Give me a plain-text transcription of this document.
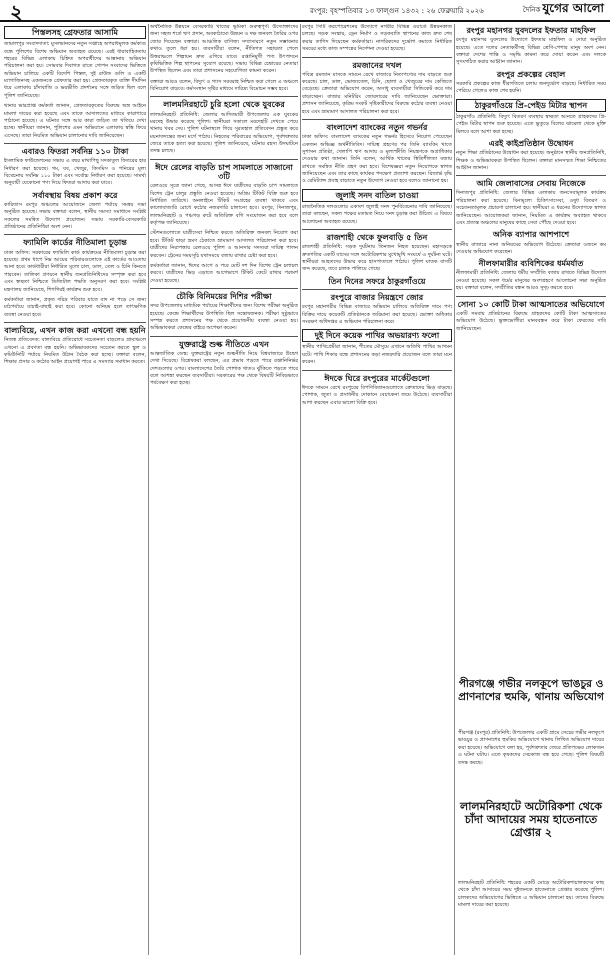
২	রংপুর: বৃহস্পতিবার ১৩ ফাল্গুন ১৪৩২ : ২৬ ফেব্রুয়ারি ২০২৬	দৈনিক যুগের আলো
পিস্তলসহ গ্রেফতার আসামি

জামালপুর সংবাদদাতা: মুসলমানদের নতুন সপ্তাহে অপরাধমূলক কর্মকাণ্ড বন্ধে পুলিশের বিশেষ অভিযান অব্যাহত রয়েছে। এরই ধারাবাহিকতায় শহরের বিভিন্ন এলাকায় চিহ্নিত অপরাধীদের আস্তানায় অভিযান পরিচালনা করা হয়। সোমবার দিবাগত রাতে গোপন সংবাদের ভিত্তিতে অভিযান চালিয়ে একটি বিদেশি পিস্তল, দুই রাউন্ড গুলি ও একটি ম্যাগাজিনসহ একজনকে গ্রেফতার করা হয়। গ্রেফতারকৃত ব্যক্তি দীর্ঘদিন ধরে এলাকায় চাঁদাবাজি ও ভয়ভীতি প্রদর্শনের সঙ্গে জড়িত ছিল বলে পুলিশ জানিয়েছে।

থানার ভারপ্রাপ্ত কর্মকর্তা জানান, গ্রেফতারকৃতের বিরুদ্ধে অস্ত্র আইনে মামলা দায়ের করা হয়েছে এবং তাকে আদালতের মাধ্যমে কারাগারে পাঠানো হয়েছে। এ ঘটনার সঙ্গে আর কারা জড়িত তা খতিয়ে দেখা হচ্ছে। স্থানীয়রা জানান, পুলিশের এমন অভিযানে এলাকায় স্বস্তি ফিরে এসেছে। তারা নিয়মিত অভিযান চালানোর দাবি জানিয়েছেন।

এবারও ফিতরা সর্বনিম্ন ১১০ টাকা

ইসলামিক ফাউন্ডেশনের সভায় এ বছর মাথাপিছু সদকাতুল ফিতরের হার নির্ধারণ করা হয়েছে। গম, যব, খেজুর, কিসমিস ও পনিরের মূল্য বিবেচনায় সর্বনিম্ন ১১০ টাকা এবং সর্বোচ্চ নির্ধারণ করা হয়েছে। সামর্থ্য অনুযায়ী যেকোনো পণ্য দিয়ে ফিতরা আদায় করা যাবে।

সর্বাবস্থায় বিষয় প্রকাশ করে

কারিতাস রংপুর অঞ্চলের আয়োজনে জেলা পর্যায়ে সমন্বয় সভা অনুষ্ঠিত হয়েছে। সভায় বক্তারা বলেন, স্থানীয় সমস্যা সমাধানে সংশ্লিষ্ট সকলের সমন্বিত উদ্যোগ প্রয়োজন। সভায় সরকারি-বেসরকারি প্রতিষ্ঠানের প্রতিনিধিরা অংশ নেন।

ফ্যামিলি কার্ডের নীতিমালা চূড়ান্ত

ঢাকা অফিস: সরকারের ফ্যামিলি কার্ড কার্যক্রমের নীতিমালা চূড়ান্ত করা হয়েছে। প্রথম ধাপে নিম্ন আয়ের পরিবারগুলোকে এই কার্ডের আওতায় আনা হবে। কার্ডধারীরা নির্ধারিত মূল্যে চাল, ডাল, তেল ও চিনি কিনতে পারবেন। তালিকা প্রণয়নে স্থানীয় জনপ্রতিনিধিদের সম্পৃক্ত করা হবে এবং স্বচ্ছতা নিশ্চিতে ডিজিটাল পদ্ধতি অনুসরণ করা হবে। সংশ্লিষ্ট মন্ত্রণালয় জানিয়েছে, শিগগিরই কার্যক্রম শুরু হবে।

কর্মকর্তারা জানান, প্রকৃত দরিদ্র পরিবার যাতে বাদ না পড়ে সে জন্য মাঠপর্যায়ে যাচাই-বাছাই করা হবে। কোনো অনিয়ম হলে তাৎক্ষণিক ব্যবস্থা নেওয়া হবে।

বাল্যবিয়ে, এখন কাজ করা এখনো বন্ধ হয়নি

নিজস্ব প্রতিবেদক: বাল্যবিয়ে প্রতিরোধে সচেতনতা বাড়লেও গ্রামাঞ্চলে এখনো এ প্রবণতা বন্ধ হয়নি। অভিভাবকদের সচেতন করতে স্কুল ও কমিউনিটি পর্যায়ে নিয়মিত উঠান বৈঠক করা হচ্ছে। বক্তারা বলেন, শিক্ষার প্রসার ও কঠোর আইন প্রয়োগই পারে এ সমস্যার সমাধান করতে।

অর্থনৈতিক উন্নয়নে বেসরকারি খাতের ভূমিকা গুরুত্বপূর্ণ। উদ্যোক্তাদের জন্য সহজ শর্তে ঋণ প্রদান, অবকাঠামো উন্নয়ন ও দক্ষ জনবল তৈরির ওপর জোর দিয়েছেন বক্তারা। আঞ্চলিক বাণিজ্য সম্প্রসারণে নতুন সম্ভাবনার কথাও তুলে ধরা হয়। ব্যবসায়ীরা বলেন, নীতিগত সহায়তা পেলে উত্তরাঞ্চলে শিল্পায়ন দ্রুত এগিয়ে যাবে। রপ্তানিমুখী পণ্য উৎপাদনে কৃষিভিত্তিক শিল্প স্থাপনের সুযোগ রয়েছে। সভায় বিভিন্ন চেম্বারের নেতারা উপস্থিত ছিলেন এবং তারা প্রশাসনের সহযোগিতা কামনা করেন।

বক্তারা আরও বলেন, বিদ্যুৎ ও গ্যাস সরবরাহ নিশ্চিত করা গেলে এ অঞ্চলে বিনিয়োগ বাড়বে। কর্মসংস্থান সৃষ্টির মাধ্যমে দারিদ্র্য বিমোচন সম্ভব হবে।

লালমনিরহাটে চুরি হলো থেকে যুবকের

লালমনিরহাট প্রতিনিধি: জেলার আদিতমারী উপজেলায় এক যুবকের মরদেহ উদ্ধার করেছে পুলিশ। স্থানীয়রা সকালে মরদেহটি দেখতে পেয়ে থানায় খবর দেয়। পুলিশ ঘটনাস্থলে গিয়ে সুরতহাল প্রতিবেদন প্রস্তুত করে ময়নাতদন্তের জন্য মর্গে পাঠায়। নিহতের পরিবারের অভিযোগ, পূর্বশত্রুতার জেরে তাকে হত্যা করা হয়েছে। পুলিশ জানিয়েছে, ঘটনার রহস্য উদঘাটনে তদন্ত চলছে।

ঈদে রেলের বাড়তি চাপ সামলাতে সাজানো ৩টি

রেলওয়ে সূত্রে জানা গেছে, আসন্ন ঈদে যাত্রীদের বাড়তি চাপ সামলাতে বিশেষ ট্রেন চালুর প্রস্তুতি নেওয়া হয়েছে। অগ্রিম টিকিট বিক্রি শুরু হবে নির্ধারিত তারিখে। অনলাইনে টিকিট সংগ্রহের ব্যবস্থা থাকবে এবং কালোবাজারি রোধে কঠোর নজরদারি চালানো হবে। রংপুর, দিনাজপুর, লালমনিরহাট ও পঞ্চগড় রুটে অতিরিক্ত বগি সংযোজন করা হবে বলে কর্তৃপক্ষ জানিয়েছে।

স্টেশনগুলোতে যাত্রীসেবা নিশ্চিত করতে অতিরিক্ত জনবল নিয়োগ করা হবে। টিকিট ছাড়া ভ্রমণ ঠেকাতে ভ্রাম্যমাণ আদালত পরিচালনা করা হবে। যাত্রীদের নিরাপত্তায় রেলওয়ে পুলিশ ও আনসার সদস্যরা দায়িত্ব পালন করবেন। ট্রেনের সময়সূচি যথাসময়ে বজায় রাখার চেষ্টা করা হবে।

কর্মকর্তারা জানান, ঈদের আগে ও পরে মোট দশ দিন বিশেষ ট্রেন চলাচল করবে। যাত্রীদের ভিড় এড়াতে আগেভাগে টিকিট কেটে রাখার পরামর্শ দেওয়া হয়েছে।

চৌকি বিনিময়ের দিশির পরীক্ষা

সদর উপজেলায় মাধ্যমিক পর্যায়ের শিক্ষার্থীদের জন্য বিশেষ পরীক্ষা অনুষ্ঠিত হয়েছে। কেন্দ্রে শিক্ষার্থীদের উপস্থিতি ছিল সন্তোষজনক। পরীক্ষা সুষ্ঠুভাবে সম্পন্ন করতে প্রশাসনের পক্ষ থেকে প্রয়োজনীয় ব্যবস্থা নেওয়া হয়। অভিভাবকরা কেন্দ্রের বাইরে অপেক্ষা করেন।

যুক্তরাষ্ট্রে শুল্ক নীতিতে এখন

আন্তর্জাতিক ডেস্ক: যুক্তরাষ্ট্রের নতুন শুল্কনীতি নিয়ে বিশ্ববাজারে উদ্বেগ দেখা দিয়েছে। বিশ্লেষকরা বলছেন, এর প্রভাব পড়তে পারে রপ্তানিনির্ভর দেশগুলোর ওপর। বাংলাদেশের তৈরি পোশাক খাতও ঝুঁকিতে পড়তে পারে বলে আশঙ্কা করছেন ব্যবসায়ীরা। সরকারের পক্ষ থেকে বিষয়টি নিবিড়ভাবে পর্যবেক্ষণ করা হচ্ছে।

রংপুর সিটি করপোরেশনের উদ্যোগে নগরীর বিভিন্ন ওয়ার্ডে উন্নয়নকাজ চলছে। সড়ক সংস্কার, ড্রেন নির্মাণ ও সড়কবাতি স্থাপনের কাজ দ্রুত শেষ করার তাগিদ দিয়েছেন কর্মকর্তারা। নাগরিকদের দুর্ভোগ কমাতে নির্ধারিত সময়ের মধ্যে কাজ সম্পন্নের নির্দেশনা দেওয়া হয়েছে।

রমজানের দখল

পবিত্র রমজান মাসকে সামনে রেখে বাজারে নিত্যপণ্যের দাম বাড়তে শুরু করেছে। চাল, ডাল, ভোজ্যতেল, চিনি, ছোলা ও খেজুরের দাম কেজিতে বেড়েছে। ক্রেতারা অভিযোগ করেন, অসাধু ব্যবসায়ীরা সিন্ডিকেট করে দাম বাড়াচ্ছেন। বাজার মনিটরিং জোরদারের দাবি জানিয়েছেন ভোক্তারা। প্রশাসন জানিয়েছে, কৃত্রিম সংকট সৃষ্টিকারীদের বিরুদ্ধে কঠোর ব্যবস্থা নেওয়া হবে এবং ভ্রাম্যমাণ আদালত পরিচালনা করা হবে।

বাংলাদেশ ব্যাংকের নতুন গভর্নর

ঢাকা অফিস: বাংলাদেশ ব্যাংকের নতুন গভর্নর হিসেবে নিয়োগ পেয়েছেন একজন অভিজ্ঞ অর্থনীতিবিদ। দায়িত্ব গ্রহণের পর তিনি ব্যাংকিং খাতে সুশাসন প্রতিষ্ঠা, খেলাপি ঋণ আদায় ও মূল্যস্ফীতি নিয়ন্ত্রণকে অগ্রাধিকার দেওয়ার কথা জানান। তিনি বলেন, আর্থিক খাতের স্থিতিশীলতা বজায় রাখতে সমন্বিত নীতি গ্রহণ করা হবে। বিশেষজ্ঞরা নতুন নিয়োগকে স্বাগত জানিয়েছেন এবং তার কাছে কার্যকর পদক্ষেপ প্রত্যাশা করছেন। রিজার্ভ বৃদ্ধি ও রেমিট্যান্স প্রবাহ বাড়াতে নতুন উদ্যোগ নেওয়া হবে বলেও জানানো হয়।

জুলাই সনদ বাতিল চাওয়া

রাজনৈতিক দলগুলোর একাংশ জুলাই সনদ পুনর্বিবেচনার দাবি জানিয়েছে। তারা বলছেন, সকল পক্ষের মতামত নিয়ে সনদ চূড়ান্ত করা উচিত। এ বিষয়ে আলোচনা অব্যাহত রয়েছে।

রাজশাহী থেকে ফুলবাড়ি ৫ তিন

রাজশাহী প্রতিনিধি: সড়ক দুর্ঘটনায় তিনজন নিহত হয়েছেন। মহাসড়কে দ্রুতগতির একটি বাসের সঙ্গে অটোরিকশার মুখোমুখি সংঘর্ষে এ দুর্ঘটনা ঘটে। স্থানীয়রা আহতদের উদ্ধার করে হাসপাতালে পাঠায়। পুলিশ ঘাতক বাসটি জব্দ করেছে, তবে চালক পালিয়ে গেছে।

তিন দিনের সফরে ঠাকুরগাঁওয়ে
রংপুরে বাজার নিয়ন্ত্রণে জোর

রংপুর মহানগরীর বিভিন্ন বাজারে অভিযান চালিয়ে অতিরিক্ত দামে পণ্য বিক্রির দায়ে কয়েকটি প্রতিষ্ঠানকে জরিমানা করা হয়েছে। ভোক্তা অধিকার সংরক্ষণ অধিদপ্তর এ অভিযান পরিচালনা করে।

দুই দিনে কয়েক পাখির অভয়ারণ্য ফলো

স্থানীয় পাখিপ্রেমীরা জানান, শীতের মৌসুমে এখানে অতিথি পাখির আগমন ঘটে। পাখি শিকার বন্ধে প্রশাসনের কড়া নজরদারি প্রয়োজন বলে তারা মনে করেন।

ঈদকে ঘিরে রংপুরের মার্কেটগুলো

ঈদকে সামনে রেখে রংপুরের বিপণিবিতানগুলোতে ক্রেতাদের ভিড় বাড়ছে। পোশাক, জুতা ও প্রসাধনীর দোকানে বেচাকেনা জমে উঠেছে। ব্যবসায়ীরা আশা করছেন এবার ভালো বিক্রি হবে।

রংপুর মহানগর যুবদলের ইফতার মাহফিল

রংপুর মহানগর যুবদলের উদ্যোগে ইফতার মাহফিল ও দোয়া অনুষ্ঠিত হয়েছে। এতে দলের নেতাকর্মীসহ বিভিন্ন শ্রেণি-পেশার মানুষ অংশ নেন। বক্তারা দেশের শান্তি ও সমৃদ্ধি কামনা করে দোয়া করেন এবং দলকে সুসংগঠিত করার আহ্বান জানান।

রংপুর প্রকল্পের বেহাল

সরকারি প্রকল্পের কাজ ধীরগতিতে চলায় জনদুর্ভোগ বাড়ছে। নির্ধারিত সময় পেরিয়ে গেলেও কাজ শেষ হয়নি।

ঠাকুরগাঁওয়ে প্রি-পেইড মিটার স্থাপন

ঠাকুরগাঁও প্রতিনিধি: বিদ্যুৎ বিতরণ ব্যবস্থায় স্বচ্ছতা আনতে গ্রাহকদের প্রি-পেইড মিটার স্থাপন শুরু হয়েছে। এতে ভুতুড়ে বিলের ঝামেলা থেকে মুক্তি মিলবে বলে আশা করা হচ্ছে।

এরই কাইপ্রতিষ্ঠান উদ্বোধন

নতুন শিক্ষা প্রতিষ্ঠানের উদ্বোধন করা হয়েছে। অনুষ্ঠানে স্থানীয় জনপ্রতিনিধি, শিক্ষক ও অভিভাবকরা উপস্থিত ছিলেন। বক্তারা মানসম্মত শিক্ষা নিশ্চিতের আহ্বান জানান।

আমি জেলাবাসের সেবায় নিজেকে

দিনাজপুর প্রতিনিধি: জেলার বিভিন্ন এলাকায় জনসেবামূলক কার্যক্রম পরিচালনা করা হয়েছে। বিনামূল্যে চিকিৎসাসেবা, ওষুধ বিতরণ ও সচেতনতামূলক প্রচারণা চালানো হয়। স্থানীয়রা এ ধরনের উদ্যোগকে স্বাগত জানিয়েছেন। আয়োজকরা জানান, নিয়মিত এ কার্যক্রম অব্যাহত থাকবে এবং প্রত্যন্ত অঞ্চলের মানুষের কাছে সেবা পৌঁছে দেওয়া হবে।

অনিক ব্যাপার আশপাশে

স্থানীয় বাজারে নানা অনিয়মের অভিযোগ উঠেছে। ক্রেতারা ওজনে কম দেওয়ার অভিযোগ করেছেন।

নীলফামারীর ব্যবিশিকের ধর্মমর্যাত

নীলফামারী প্রতিনিধি: জেলায় ধর্মীয় সম্প্রীতি বজায় রাখতে বিভিন্ন উদ্যোগ নেওয়া হয়েছে। সকল ধর্মের মানুষের অংশগ্রহণে আলোচনা সভা অনুষ্ঠিত হয়। বক্তারা বলেন, সম্প্রীতির বন্ধন আরও সুদৃঢ় করতে হবে।

সোনা ১০ কোটি টাকা আত্মসাতের অভিযোগে

একটি সমবায় প্রতিষ্ঠানের বিরুদ্ধে গ্রাহকদের কোটি টাকা আত্মসাতের অভিযোগ উঠেছে। ভুক্তভোগীরা মানববন্ধন করে টাকা ফেরতের দাবি জানিয়েছেন।

পীরগঞ্জে গভীর নলকূপে ভাঙচুর ও প্রাণনাশের হুমকি, থানায় অভিযোগ

পীরগঞ্জ (রংপুর) প্রতিনিধি: উপজেলার একটি গ্রামে সেচের গভীর নলকূপে ভাঙচুর ও প্রাণনাশের হুমকির অভিযোগে থানায় লিখিত অভিযোগ দায়ের করা হয়েছে। অভিযোগে বলা হয়, পূর্বশত্রুতার জেরে প্রতিপক্ষের লোকজন এ ঘটনা ঘটায়। এতে কৃষকদের সেচকাজ বন্ধ হয়ে গেছে। পুলিশ বিষয়টি তদন্ত করছে।

লালমনিরহাটে অটোরিকশা থেকে চাঁদা আদায়ের সময় হাতেনাতে গ্রেপ্তার ২

লালমনিরহাট প্রতিনিধি: শহরের একটি মোড়ে অটোরিকশাচালকদের কাছ থেকে চাঁদা আদায়ের সময় দুইজনকে হাতেনাতে গ্রেপ্তার করেছে পুলিশ। চালকদের অভিযোগের ভিত্তিতে এ অভিযান চালানো হয়। তাদের বিরুদ্ধে মামলা দায়ের করা হয়েছে।
